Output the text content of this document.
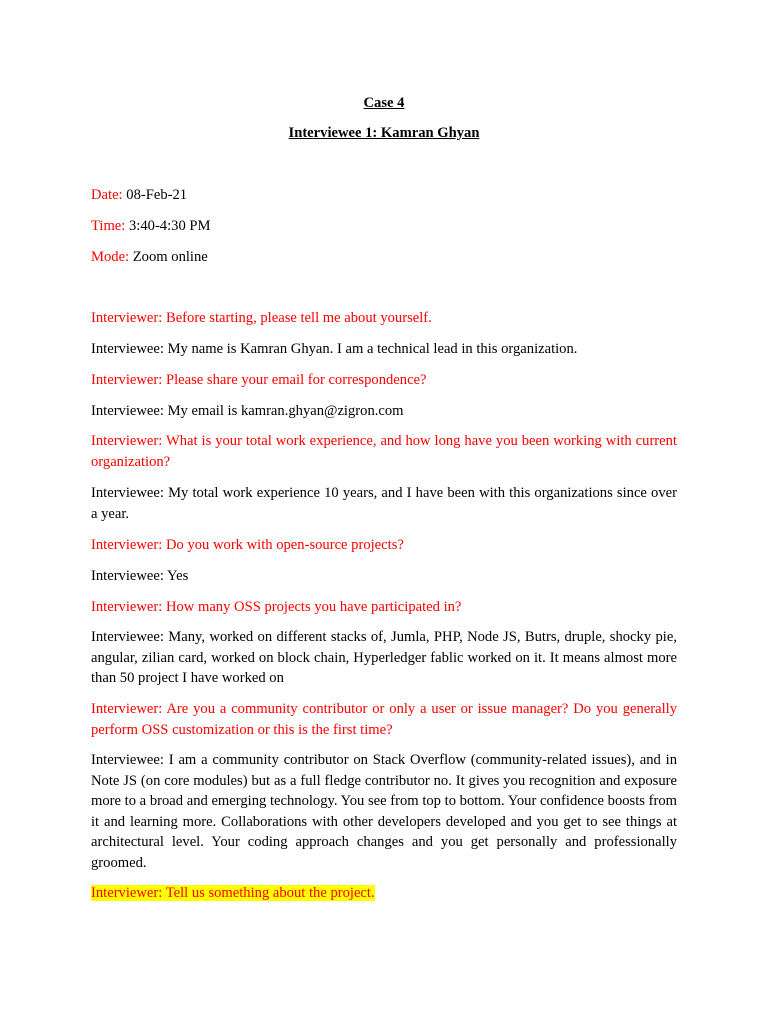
Case 4
Interviewee 1: Kamran Ghyan
Date: 08-Feb-21
Time: 3:40-4:30 PM
Mode: Zoom online
Interviewer: Before starting, please tell me about yourself.
Interviewee: My name is Kamran Ghyan. I am a technical lead in this organization.
Interviewer: Please share your email for correspondence?
Interviewee: My email is kamran.ghyan@zigron.com
Interviewer: What is your total work experience, and how long have you been working with current organization?
Interviewee: My total work experience 10 years, and I have been with this organizations since over a year.
Interviewer: Do you work with open-source projects?
Interviewee: Yes
Interviewer: How many OSS projects you have participated in?
Interviewee: Many, worked on different stacks of, Jumla, PHP, Node JS, Butrs, druple, shocky pie, angular, zilian card, worked on block chain, Hyperledger fablic worked on it. It means almost more than 50 project I have worked on
Interviewer: Are you a community contributor or only a user or issue manager? Do you generally perform OSS customization or this is the first time?
Interviewee: I am a community contributor on Stack Overflow (community-related issues), and in Note JS (on core modules) but as a full fledge contributor no. It gives you recognition and exposure more to a broad and emerging technology. You see from top to bottom. Your confidence boosts from it and learning more. Collaborations with other developers developed and you get to see things at architectural level. Your coding approach changes and you get personally and professionally groomed.
Interviewer: Tell us something about the project.
